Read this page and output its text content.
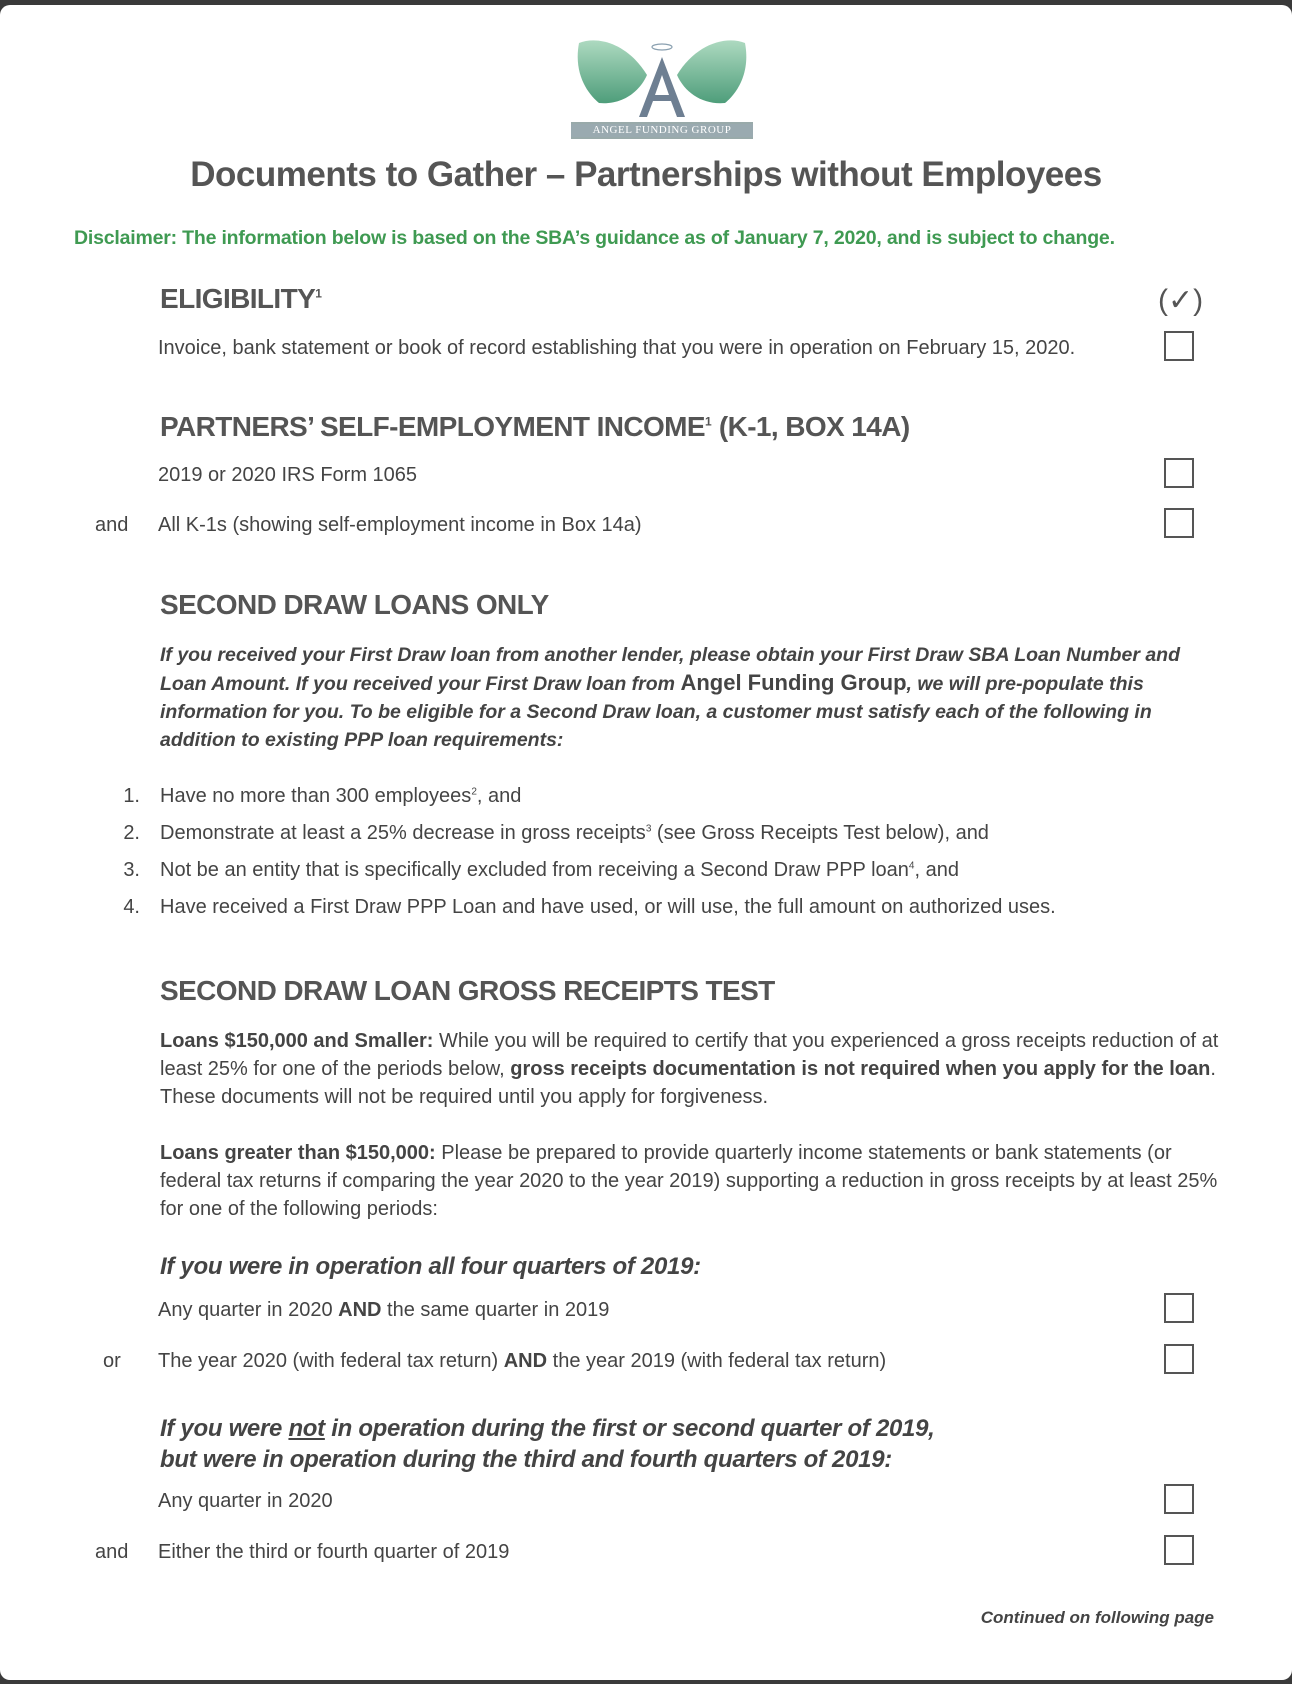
ANGEL FUNDING GROUP
Documents to Gather – Partnerships without Employees
Disclaimer: The information below is based on the SBA’s guidance as of January 7, 2020, and is subject to change.
ELIGIBILITY$^1$	(✓)
Invoice, bank statement or book of record establishing that you were in operation on February 15, 2020.
PARTNERS’ SELF-EMPLOYMENT INCOME$^1$ (K-1, BOX 14A)
2019 or 2020 IRS Form 1065
and All K-1s (showing self-employment income in Box 14a)
SECOND DRAW LOANS ONLY
If you received your First Draw loan from another lender, please obtain your First Draw SBA Loan Number and Loan Amount. If you received your First Draw loan from Angel Funding Group, we will pre-populate this information for you. To be eligible for a Second Draw loan, a customer must satisfy each of the following in addition to existing PPP loan requirements:
1. Have no more than 300 employees$^2$, and
2. Demonstrate at least a 25% decrease in gross receipts$^3$ (see Gross Receipts Test below), and
3. Not be an entity that is specifically excluded from receiving a Second Draw PPP loan$^4$, and
4. Have received a First Draw PPP Loan and have used, or will use, the full amount on authorized uses.
SECOND DRAW LOAN GROSS RECEIPTS TEST
Loans $150,000 and Smaller: While you will be required to certify that you experienced a gross receipts reduction of at least 25% for one of the periods below, gross receipts documentation is not required when you apply for the loan. These documents will not be required until you apply for forgiveness.
Loans greater than $150,000: Please be prepared to provide quarterly income statements or bank statements (or federal tax returns if comparing the year 2020 to the year 2019) supporting a reduction in gross receipts by at least 25% for one of the following periods:
If you were in operation all four quarters of 2019:
Any quarter in 2020 AND the same quarter in 2019
or The year 2020 (with federal tax return) AND the year 2019 (with federal tax return)
If you were not in operation during the first or second quarter of 2019,
but were in operation during the third and fourth quarters of 2019:
Any quarter in 2020
and Either the third or fourth quarter of 2019
Continued on following page
